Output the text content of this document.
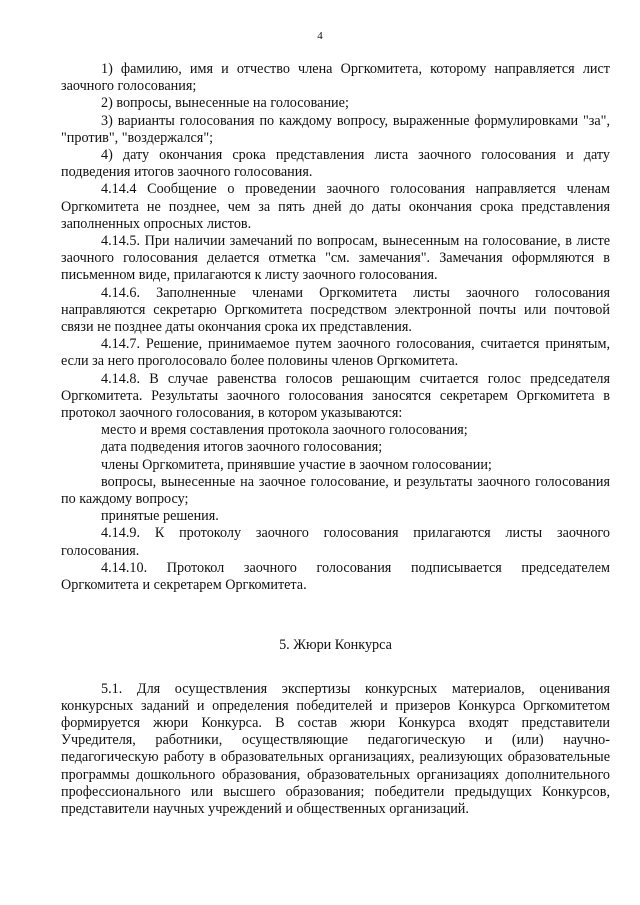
4

1) фамилию, имя и отчество члена Оргкомитета, которому направляется лист заочного голосования;

2) вопросы, вынесенные на голосование;

3) варианты голосования по каждому вопросу, выраженные формулировками "за", "против", "воздержался";

4) дату окончания срока представления листа заочного голосования и дату подведения итогов заочного голосования.

4.14.4 Сообщение о проведении заочного голосования направляется членам Оргкомитета не позднее, чем за пять дней до даты окончания срока представления заполненных опросных листов.

4.14.5. При наличии замечаний по вопросам, вынесенным на голосование, в листе заочного голосования делается отметка "см. замечания". Замечания оформляются в письменном виде, прилагаются к листу заочного голосования.

4.14.6. Заполненные членами Оргкомитета листы заочного голосования направляются секретарю Оргкомитета посредством электронной почты или почтовой связи не позднее даты окончания срока их представления.

4.14.7. Решение, принимаемое путем заочного голосования, считается принятым, если за него проголосовало более половины членов Оргкомитета.

4.14.8. В случае равенства голосов решающим считается голос председателя Оргкомитета. Результаты заочного голосования заносятся секретарем Оргкомитета в протокол заочного голосования, в котором указываются:

место и время составления протокола заочного голосования;

дата подведения итогов заочного голосования;

члены Оргкомитета, принявшие участие в заочном голосовании;

вопросы, вынесенные на заочное голосование, и результаты заочного голосования по каждому вопросу;

принятые решения.

4.14.9. К протоколу заочного голосования прилагаются листы заочного голосования.

4.14.10. Протокол заочного голосования подписывается председателем Оргкомитета и секретарем Оргкомитета.

5. Жюри Конкурса

5.1. Для осуществления экспертизы конкурсных материалов, оценивания конкурсных заданий и определения победителей и призеров Конкурса Оргкомитетом формируется жюри Конкурса. В состав жюри Конкурса входят представители Учредителя, работники, осуществляющие педагогическую и (или) научно-педагогическую работу в образовательных организациях, реализующих образовательные программы дошкольного образования, образовательных организациях дополнительного профессионального или высшего образования; победители предыдущих Конкурсов, представители научных учреждений и общественных организаций.
